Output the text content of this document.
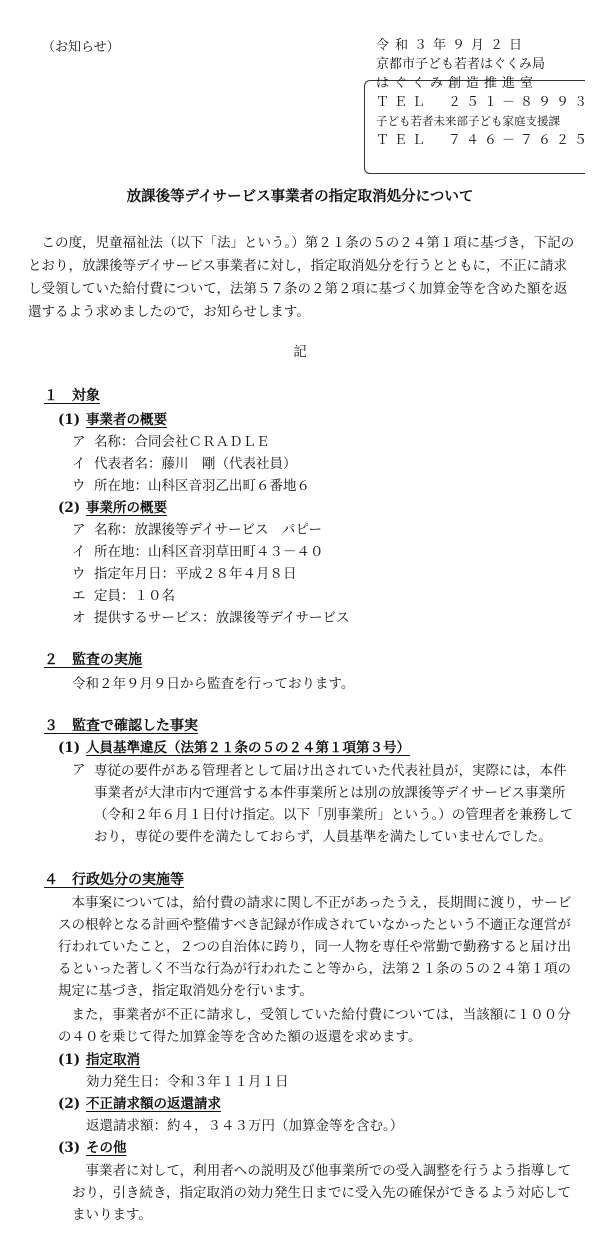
（お知らせ）	令和３年９月２日
京都市子ども若者はぐくみ局
はぐくみ創造推進室
ＴＥＬ　２５１－８９９３
子ども若者未来部子ども家庭支援課
ＴＥＬ　７４６－７６２５
放課後等デイサービス事業者の指定取消処分について
　この度，児童福祉法（以下「法」という。）第２１条の５の２４第１項に基づき，下記のとおり，放課後等デイサービス事業者に対し，指定取消処分を行うとともに，不正に請求し受領していた給付費について，法第５７条の２第２項に基づく加算金等を含めた額を返還するよう求めましたので，お知らせします。
記
１　対象
(1) 事業者の概要
ア 名称：合同会社ＣＲＡＤＬＥ
イ 代表者名：藤川　剛（代表社員）
ウ 所在地：山科区音羽乙出町６番地６
(2) 事業所の概要
ア 名称：放課後等デイサービス　パピー
イ 所在地：山科区音羽草田町４３－４０
ウ 指定年月日：平成２８年４月８日
エ 定員：１０名
オ 提供するサービス：放課後等デイサービス
２　監査の実施
令和２年９月９日から監査を行っております。
３　監査で確認した事実
(1) 人員基準違反（法第２１条の５の２４第１項第３号）
ア 専従の要件がある管理者として届け出されていた代表社員が，実際には，本件事業者が大津市内で運営する本件事業所とは別の放課後等デイサービス事業所（令和２年６月１日付け指定。以下「別事業所」という。）の管理者を兼務しており，専従の要件を満たしておらず，人員基準を満たしていませんでした。
４　行政処分の実施等
　本事案については，給付費の請求に関し不正があったうえ，長期間に渡り，サービスの根幹となる計画や整備すべき記録が作成されていなかったという不適正な運営が行われていたこと，２つの自治体に跨り，同一人物を専任や常勤で勤務すると届け出るといった著しく不当な行為が行われたこと等から，法第２１条の５の２４第１項の規定に基づき，指定取消処分を行います。
　また，事業者が不正に請求し，受領していた給付費については，当該額に１００分の４０を乗じて得た加算金等を含めた額の返還を求めます。
(1) 指定取消
効力発生日：令和３年１１月１日
(2) 不正請求額の返還請求
返還請求額：約４，３４３万円（加算金等を含む。）
(3) その他
　事業者に対して，利用者への説明及び他事業所での受入調整を行うよう指導しており，引き続き，指定取消の効力発生日までに受入先の確保ができるよう対応してまいります。
